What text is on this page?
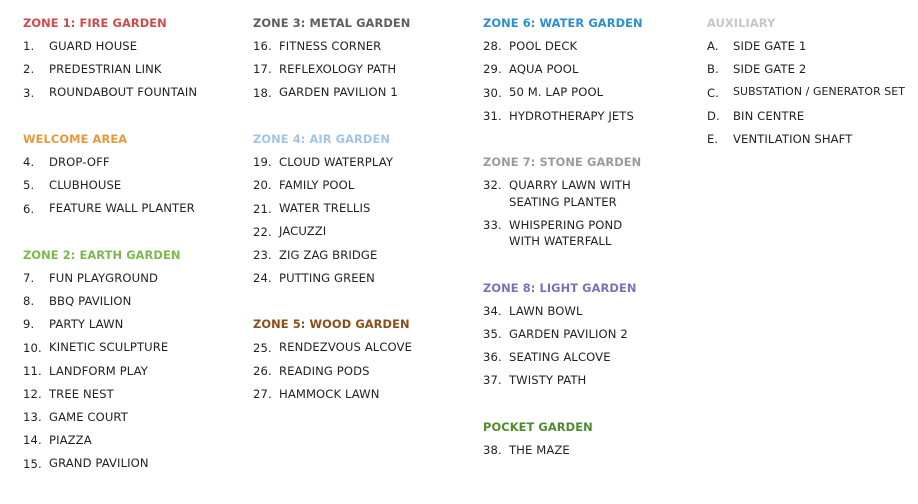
ZONE 1: FIRE GARDEN
1.	GUARD HOUSE
2.	PREDESTRIAN LINK
3.	ROUNDABOUT FOUNTAIN
WELCOME AREA
4.	DROP-OFF
5.	CLUBHOUSE
6.	FEATURE WALL PLANTER
ZONE 2: EARTH GARDEN
7.	FUN PLAYGROUND
8.	BBQ PAVILION
9.	PARTY LAWN
10. KINETIC SCULPTURE
11. LANDFORM PLAY
12. TREE NEST
13. GAME COURT
14. PIAZZA
15. GRAND PAVILION
ZONE 3: METAL GARDEN
16. FITNESS CORNER
17. REFLEXOLOGY PATH
18. GARDEN PAVILION 1
ZONE 4: AIR GARDEN
19. CLOUD WATERPLAY
20. FAMILY POOL
21. WATER TRELLIS
22. JACUZZI
23. ZIG ZAG BRIDGE
24. PUTTING GREEN
ZONE 5: WOOD GARDEN
25. RENDEZVOUS ALCOVE
26. READING PODS
27. HAMMOCK LAWN
ZONE 6: WATER GARDEN
28. POOL DECK
29. AQUA POOL
30. 50 M. LAP POOL
31. HYDROTHERAPY JETS
ZONE 7: STONE GARDEN
32. QUARRY LAWN WITH SEATING PLANTER
33. WHISPERING POND WITH WATERFALL
ZONE 8: LIGHT GARDEN
34. LAWN BOWL
35. GARDEN PAVILION 2
36. SEATING ALCOVE
37. TWISTY PATH
POCKET GARDEN
38. THE MAZE
AUXILIARY
A.	SIDE GATE 1
B.	SIDE GATE 2
C.	SUBSTATION / GENERATOR SET
D.	BIN CENTRE
E.	VENTILATION SHAFT
